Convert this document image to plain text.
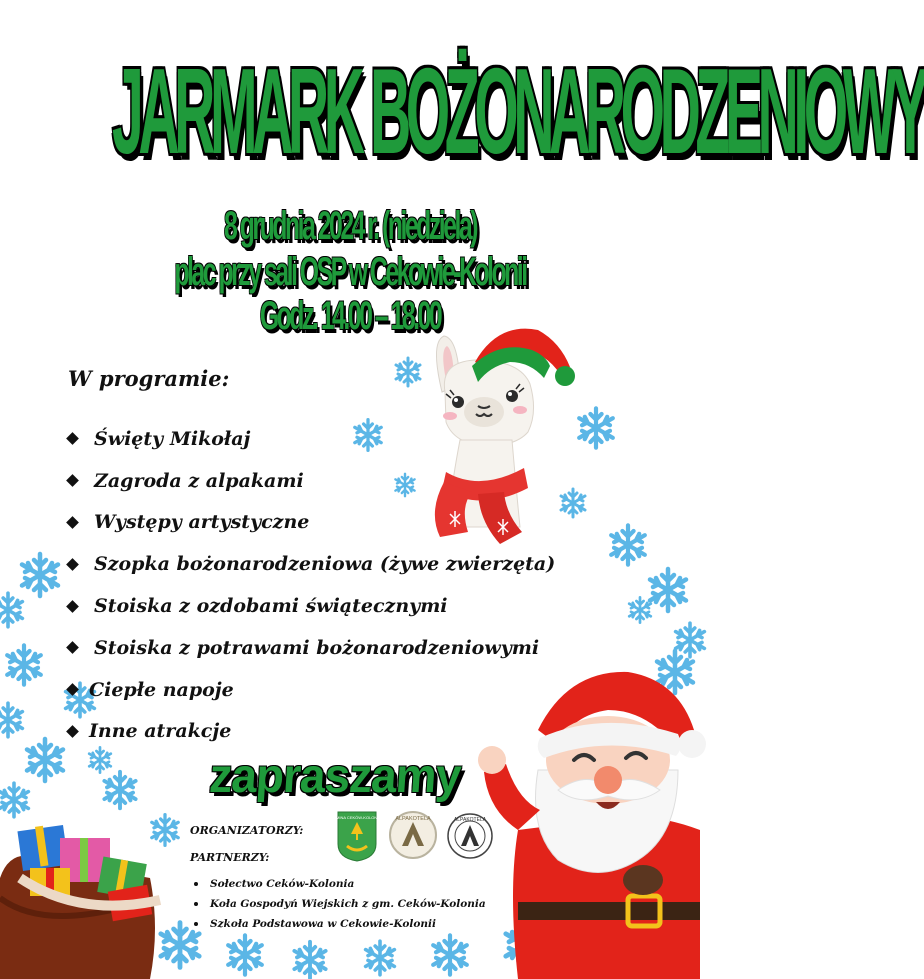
JARMARK BOŻONARODZENIOWY
8 grudnia 2024 r. (niedziela)
plac przy sali OSP w Cekowie-Kolonii
Godz. 14.00 – 18.00
W programie:
Święty Mikołaj
Zagroda z alpakami
Występy artystyczne
Szopka bożonarodzeniowa (żywe zwierzęta)
Stoiska z ozdobami świątecznymi
Stoiska z potrawami bożonarodzeniowymi
Ciepłe napoje
Inne atrakcje
zapraszamy
ORGANIZATORZY:
PARTNERZY:
GMINA CEKÓW-KOLONIA	ALPAKOTELA	ALPAKOTELA
Sołectwo Ceków-Kolonia
Koła Gospodyń Wiejskich z gm. Ceków-Kolonia
Szkoła Podstawowa w Cekowie-Kolonii
